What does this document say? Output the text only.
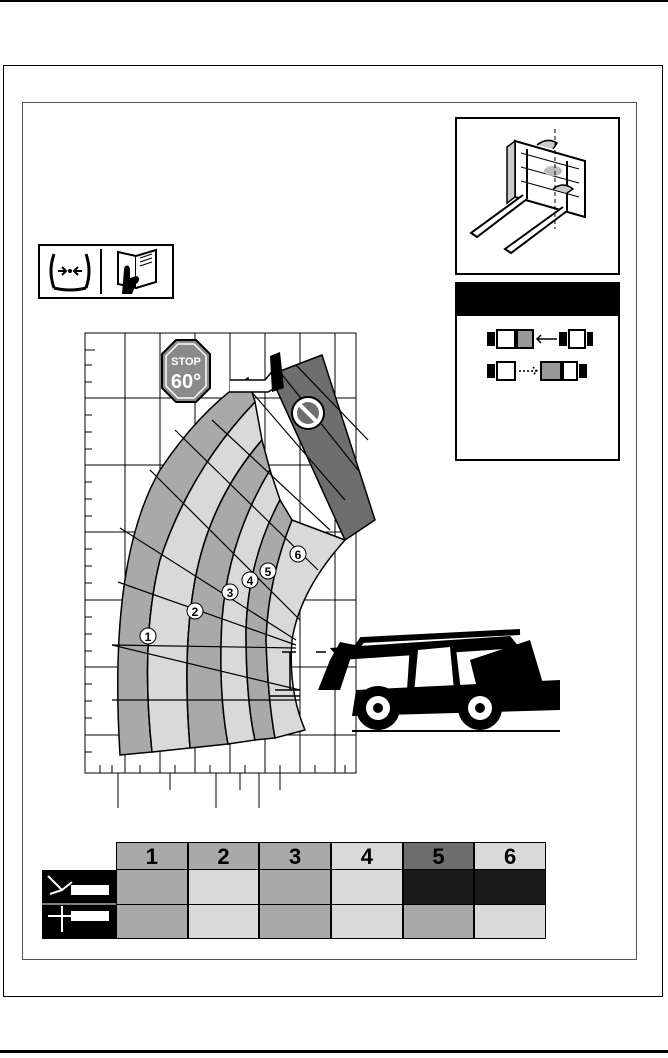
1
2
3
4
5
6
STOP
60°
1	2	3	4	5	6
